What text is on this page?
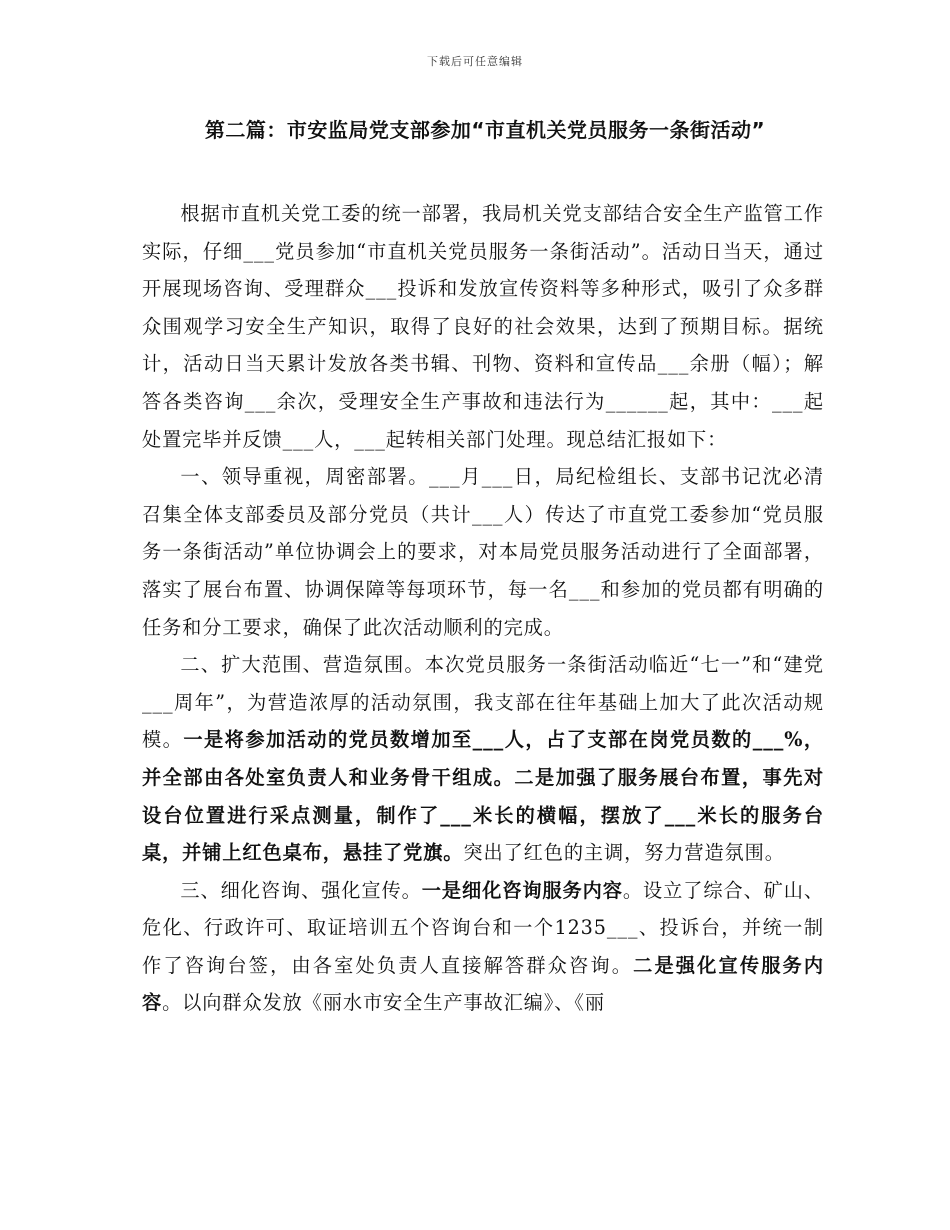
下载后可任意编辑
第二篇：市安监局党支部参加“市直机关党员服务一条街活动”

根据市直机关党工委的统一部署，我局机关党支部结合安全生产监管工作实际，仔细___党员参加“市直机关党员服务一条街活动”。活动日当天，通过开展现场咨询、受理群众___投诉和发放宣传资料等多种形式，吸引了众多群众围观学习安全生产知识，取得了良好的社会效果，达到了预期目标。据统计，活动日当天累计发放各类书辑、刊物、资料和宣传品___余册（幅）；解答各类咨询___余次，受理安全生产事故和违法行为______起，其中：___起处置完毕并反馈___人，___起转相关部门处理。现总结汇报如下：

一、领导重视，周密部署。___月___日，局纪检组长、支部书记沈必清召集全体支部委员及部分党员（共计___人）传达了市直党工委参加“党员服务一条街活动”单位协调会上的要求，对本局党员服务活动进行了全面部署，落实了展台布置、协调保障等每项环节，每一名___和参加的党员都有明确的任务和分工要求，确保了此次活动顺利的完成。

二、扩大范围、营造氛围。本次党员服务一条街活动临近“七一”和“建党___周年”，为营造浓厚的活动氛围，我支部在往年基础上加大了此次活动规模。一是将参加活动的党员数增加至___人，占了支部在岗党员数的___%，并全部由各处室负责人和业务骨干组成。二是加强了服务展台布置，事先对设台位置进行采点测量，制作了___米长的横幅，摆放了___米长的服务台桌，并铺上红色桌布，悬挂了党旗。突出了红色的主调，努力营造氛围。

三、细化咨询、强化宣传。一是细化咨询服务内容。设立了综合、矿山、危化、行政许可、取证培训五个咨询台和一个1235___、投诉台，并统一制作了咨询台签，由各室处负责人直接解答群众咨询。二是强化宣传服务内容。以向群众发放《丽水市安全生产事故汇编》、《丽
